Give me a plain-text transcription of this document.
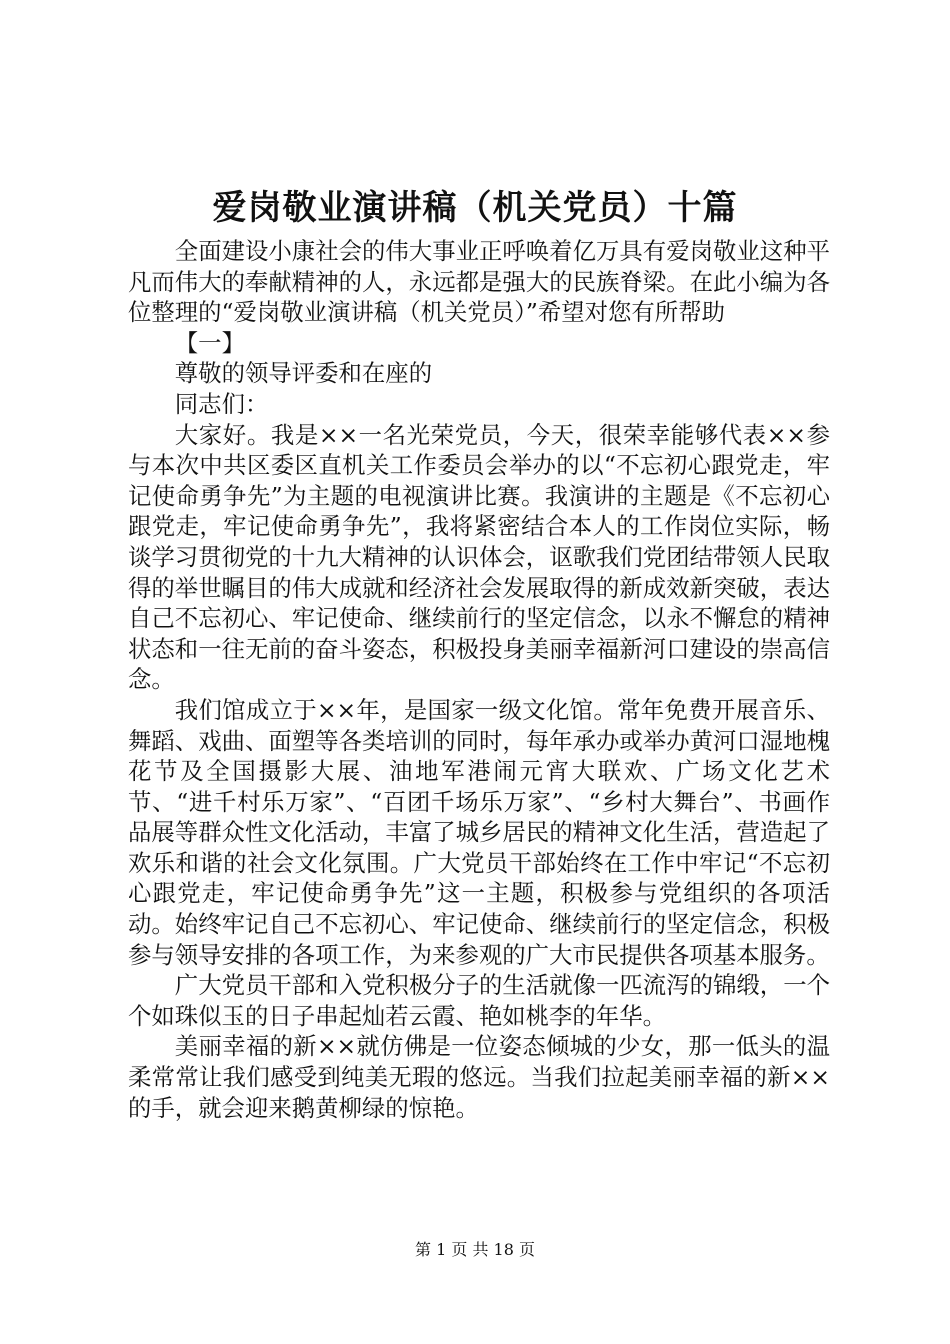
爱岗敬业演讲稿（机关党员）十篇

全面建设小康社会的伟大事业正呼唤着亿万具有爱岗敬业这种平凡而伟大的奉献精神的人，永远都是强大的民族脊梁。在此小编为各位整理的“爱岗敬业演讲稿（机关党员）”希望对您有所帮助

【一】

尊敬的领导评委和在座的

同志们：

大家好。我是××一名光荣党员，今天，很荣幸能够代表××参与本次中共区委区直机关工作委员会举办的以“不忘初心跟党走，牢记使命勇争先”为主题的电视演讲比赛。我演讲的主题是《不忘初心跟党走，牢记使命勇争先”，我将紧密结合本人的工作岗位实际，畅谈学习贯彻党的十九大精神的认识体会，讴歌我们党团结带领人民取得的举世瞩目的伟大成就和经济社会发展取得的新成效新突破，表达自己不忘初心、牢记使命、继续前行的坚定信念，以永不懈怠的精神状态和一往无前的奋斗姿态，积极投身美丽幸福新河口建设的崇高信念。

我们馆成立于××年，是国家一级文化馆。常年免费开展音乐、舞蹈、戏曲、面塑等各类培训的同时，每年承办或举办黄河口湿地槐花节及全国摄影大展、油地军港闹元宵大联欢、广场文化艺术节、“进千村乐万家”、“百团千场乐万家”、“乡村大舞台”、书画作品展等群众性文化活动，丰富了城乡居民的精神文化生活，营造起了欢乐和谐的社会文化氛围。广大党员干部始终在工作中牢记“不忘初心跟党走，牢记使命勇争先”这一主题，积极参与党组织的各项活动。始终牢记自己不忘初心、牢记使命、继续前行的坚定信念，积极参与领导安排的各项工作，为来参观的广大市民提供各项基本服务。

广大党员干部和入党积极分子的生活就像一匹流泻的锦缎，一个个如珠似玉的日子串起灿若云霞、艳如桃李的年华。

美丽幸福的新××就仿佛是一位姿态倾城的少女，那一低头的温柔常常让我们感受到纯美无瑕的悠远。当我们拉起美丽幸福的新××的手，就会迎来鹅黄柳绿的惊艳。

第 1 页 共 18 页
